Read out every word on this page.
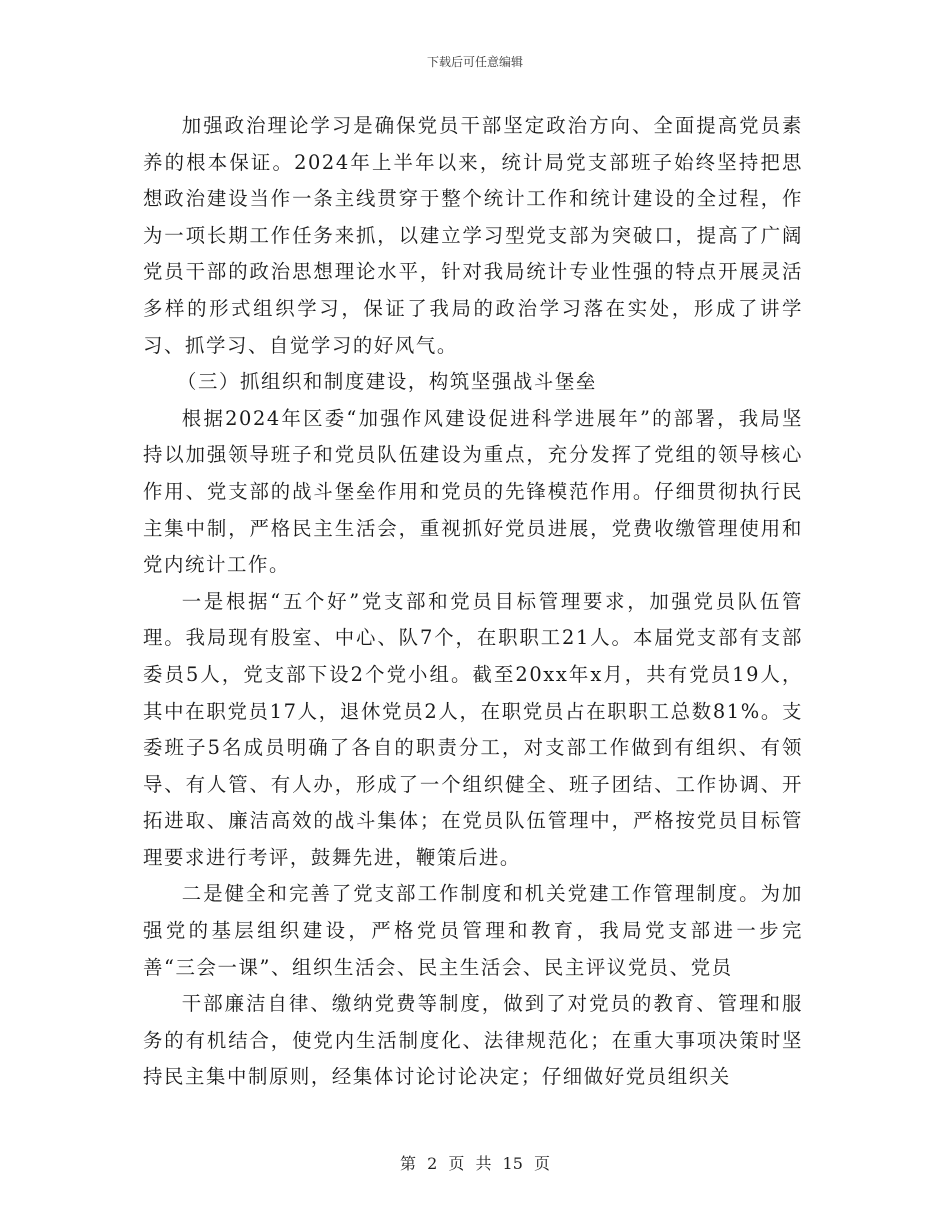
下载后可任意编辑

加强政治理论学习是确保党员干部坚定政治方向、全面提高党员素养的根本保证。2024年上半年以来，统计局党支部班子始终坚持把思想政治建设当作一条主线贯穿于整个统计工作和统计建设的全过程，作为一项长期工作任务来抓，以建立学习型党支部为突破口，提高了广阔党员干部的政治思想理论水平，针对我局统计专业性强的特点开展灵活多样的形式组织学习，保证了我局的政治学习落在实处，形成了讲学习、抓学习、自觉学习的好风气。

（三）抓组织和制度建设，构筑坚强战斗堡垒

根据2024年区委“加强作风建设促进科学进展年”的部署，我局坚持以加强领导班子和党员队伍建设为重点，充分发挥了党组的领导核心作用、党支部的战斗堡垒作用和党员的先锋模范作用。仔细贯彻执行民主集中制，严格民主生活会，重视抓好党员进展，党费收缴管理使用和党内统计工作。

一是根据“五个好”党支部和党员目标管理要求，加强党员队伍管理。我局现有股室、中心、队7个，在职职工21人。本届党支部有支部委员5人，党支部下设2个党小组。截至20xx年x月，共有党员19人，其中在职党员17人，退休党员2人，在职党员占在职职工总数81%。支委班子5名成员明确了各自的职责分工，对支部工作做到有组织、有领导、有人管、有人办，形成了一个组织健全、班子团结、工作协调、开拓进取、廉洁高效的战斗集体；在党员队伍管理中，严格按党员目标管理要求进行考评，鼓舞先进，鞭策后进。

二是健全和完善了党支部工作制度和机关党建工作管理制度。为加强党的基层组织建设，严格党员管理和教育，我局党支部进一步完善“三会一课”、组织生活会、民主生活会、民主评议党员、党员

干部廉洁自律、缴纳党费等制度，做到了对党员的教育、管理和服务的有机结合，使党内生活制度化、法律规范化；在重大事项决策时坚持民主集中制原则，经集体讨论讨论决定；仔细做好党员组织关

第 2 页 共 15 页
